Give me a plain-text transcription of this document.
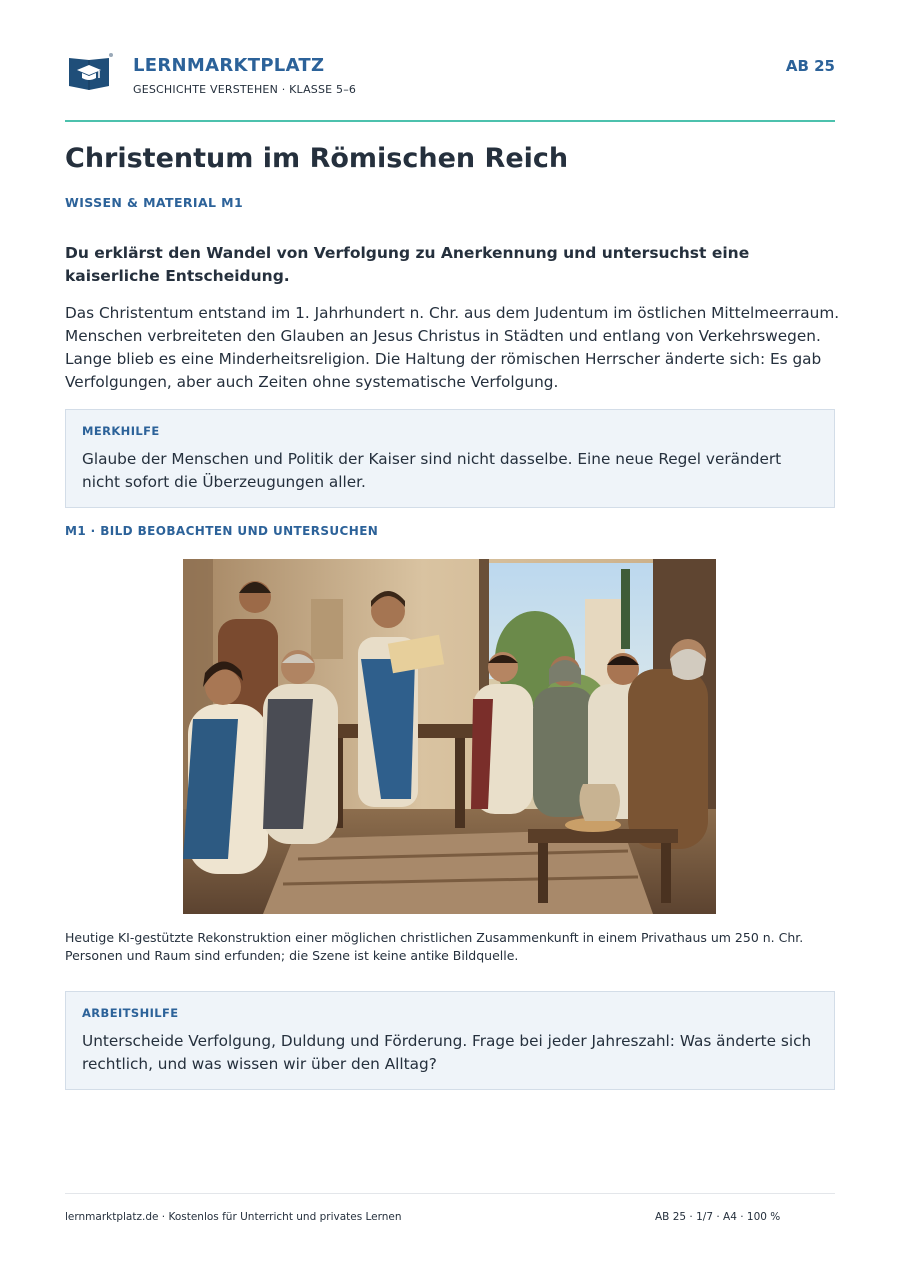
LERNMARKTPLATZ
GESCHICHTE VERSTEHEN · KLASSE 5–6
AB 25
Christentum im Römischen Reich
WISSEN & MATERIAL M1

Du erklärst den Wandel von Verfolgung zu Anerkennung und untersuchst eine kaiserliche Entscheidung.

Das Christentum entstand im 1. Jahrhundert n. Chr. aus dem Judentum im östlichen Mittelmeerraum. Menschen verbreiteten den Glauben an Jesus Christus in Städten und entlang von Verkehrswegen. Lange blieb es eine Minderheitsreligion. Die Haltung der römischen Herrscher änderte sich: Es gab Verfolgungen, aber auch Zeiten ohne systematische Verfolgung.

MERKHILFE
Glaube der Menschen und Politik der Kaiser sind nicht dasselbe. Eine neue Regel verändert nicht sofort die Überzeugungen aller.
M1 · BILD BEOBACHTEN UND UNTERSUCHEN

Heutige KI-gestützte Rekonstruktion einer möglichen christlichen Zusammenkunft in einem Privathaus um 250 n. Chr. Personen und Raum sind erfunden; die Szene ist keine antike Bildquelle.

ARBEITSHILFE
Unterscheide Verfolgung, Duldung und Förderung. Frage bei jeder Jahreszahl: Was änderte sich rechtlich, und was wissen wir über den Alltag?
lernmarktplatz.de · Kostenlos für Unterricht und privates Lernen	AB 25 · 1/7 · A4 · 100 %
